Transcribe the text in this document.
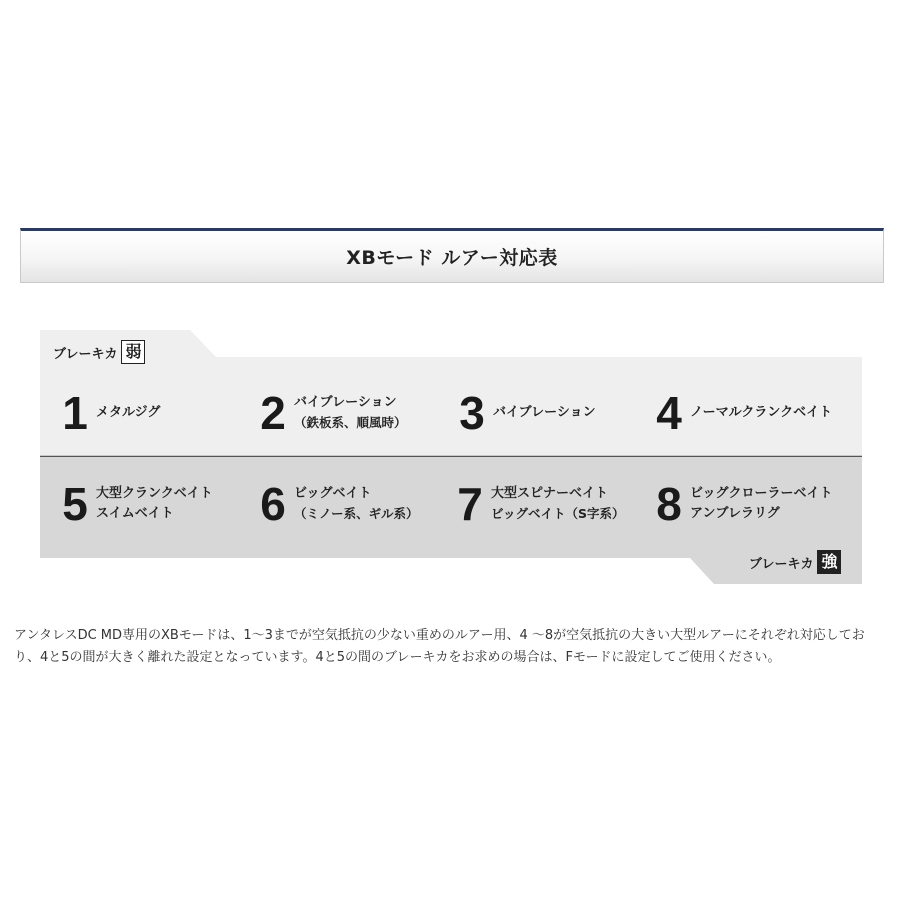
XBモード ルアー対応表
ブレーキカ 弱
ブレーキカ 強
1 メタルジグ 2 バイブレーション
（鉄板系、順風時） 3 バイブレーション 4 ノーマルクランクベイト
5 大型クランクベイト
スイムベイト	6 ビッグベイト
（ミノー系、ギル系） 7 大型スピナーベイト
ビッグベイト（S字系） 8 ビッグクローラーベイト
アンブレラリグ

アンタレスDC MD専用のXBモードは、1～3までが空気抵抗の少ない重めのルアー用、4 ～8が空気抵抗の大きい大型ルアーにそれぞれ対応しており、4と5の間が大きく離れた設定となっています。4と5の間のブレーキカをお求めの場合は、Fモードに設定してご使用ください。
